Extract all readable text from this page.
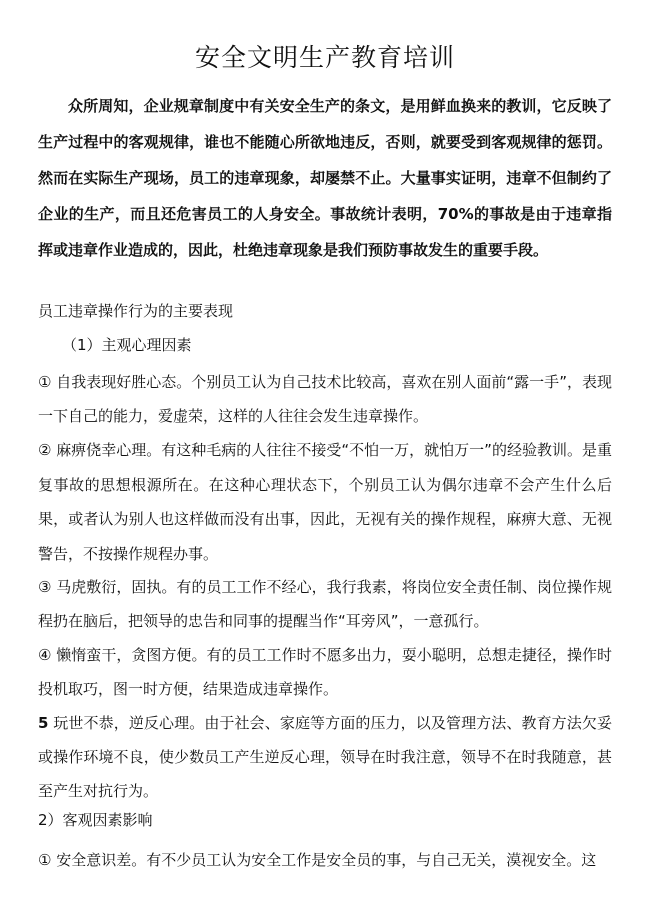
安全文明生产教育培训

众所周知，企业规章制度中有关安全生产的条文，是用鲜血换来的教训，它反映了生产过程中的客观规律，谁也不能随心所欲地违反，否则，就要受到客观规律的惩罚。然而在实际生产现场，员工的违章现象，却屡禁不止。大量事实证明，违章不但制约了企业的生产，而且还危害员工的人身安全。事故统计表明，70%的事故是由于违章指挥或违章作业造成的，因此，杜绝违章现象是我们预防事故发生的重要手段。

员工违章操作行为的主要表现

（1）主观心理因素

① 自我表现好胜心态。个别员工认为自己技术比较高，喜欢在别人面前“露一手”，表现一下自己的能力，爱虚荣，这样的人往往会发生违章操作。

② 麻痹侥幸心理。有这种毛病的人往往不接受“不怕一万，就怕万一”的经验教训。是重复事故的思想根源所在。在这种心理状态下，个别员工认为偶尔违章不会产生什么后果，或者认为别人也这样做而没有出事，因此，无视有关的操作规程，麻痹大意、无视警告，不按操作规程办事。

③ 马虎敷衍，固执。有的员工工作不经心，我行我素，将岗位安全责任制、岗位操作规程扔在脑后，把领导的忠告和同事的提醒当作“耳旁风”，一意孤行。

④ 懒惰蛮干，贪图方便。有的员工工作时不愿多出力，耍小聪明，总想走捷径，操作时投机取巧，图一时方便，结果造成违章操作。

5 玩世不恭，逆反心理。由于社会、家庭等方面的压力，以及管理方法、教育方法欠妥或操作环境不良，使少数员工产生逆反心理，领导在时我注意，领导不在时我随意，甚至产生对抗行为。

2）客观因素影响

① 安全意识差。有不少员工认为安全工作是安全员的事，与自己无关，漠视安全。这
